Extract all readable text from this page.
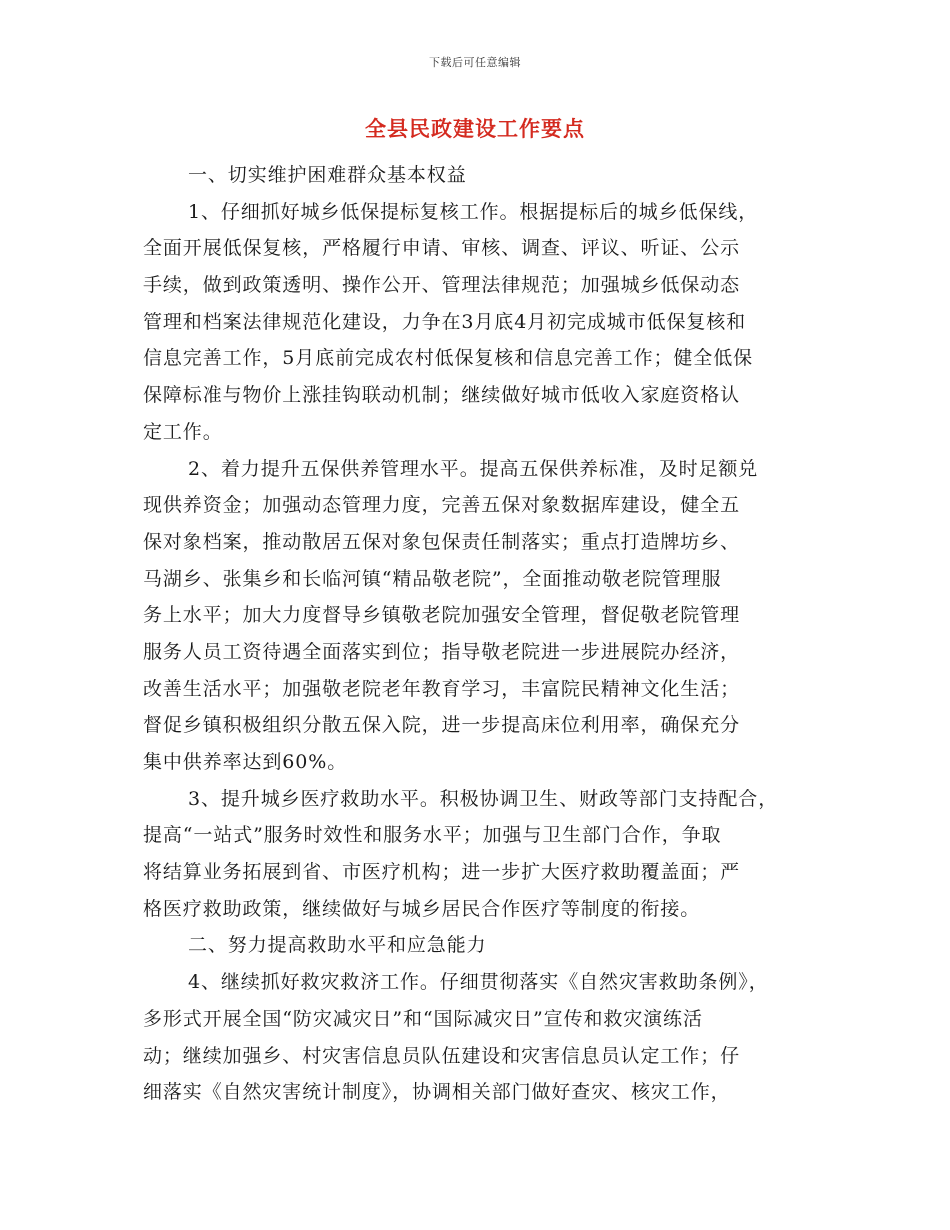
下载后可任意编辑
全县民政建设工作要点
一、切实维护困难群众基本权益
1、仔细抓好城乡低保提标复核工作。根据提标后的城乡低保线，
全面开展低保复核，严格履行申请、审核、调查、评议、听证、公示
手续，做到政策透明、操作公开、管理法律规范；加强城乡低保动态
管理和档案法律规范化建设，力争在3月底4月初完成城市低保复核和
信息完善工作，5月底前完成农村低保复核和信息完善工作；健全低保
保障标准与物价上涨挂钩联动机制；继续做好城市低收入家庭资格认
定工作。
2、着力提升五保供养管理水平。提高五保供养标准，及时足额兑
现供养资金；加强动态管理力度，完善五保对象数据库建设，健全五
保对象档案，推动散居五保对象包保责任制落实；重点打造牌坊乡、
马湖乡、张集乡和长临河镇“精品敬老院”，全面推动敬老院管理服
务上水平；加大力度督导乡镇敬老院加强安全管理，督促敬老院管理
服务人员工资待遇全面落实到位；指导敬老院进一步进展院办经济，
改善生活水平；加强敬老院老年教育学习，丰富院民精神文化生活；
督促乡镇积极组织分散五保入院，进一步提高床位利用率，确保充分
集中供养率达到60%。
3、提升城乡医疗救助水平。积极协调卫生、财政等部门支持配合，
提高“一站式”服务时效性和服务水平；加强与卫生部门合作，争取
将结算业务拓展到省、市医疗机构；进一步扩大医疗救助覆盖面；严
格医疗救助政策，继续做好与城乡居民合作医疗等制度的衔接。
二、努力提高救助水平和应急能力
4、继续抓好救灾救济工作。仔细贯彻落实《自然灾害救助条例》，
多形式开展全国“防灾减灾日”和“国际减灾日”宣传和救灾演练活
动；继续加强乡、村灾害信息员队伍建设和灾害信息员认定工作；仔
细落实《自然灾害统计制度》，协调相关部门做好查灾、核灾工作，
